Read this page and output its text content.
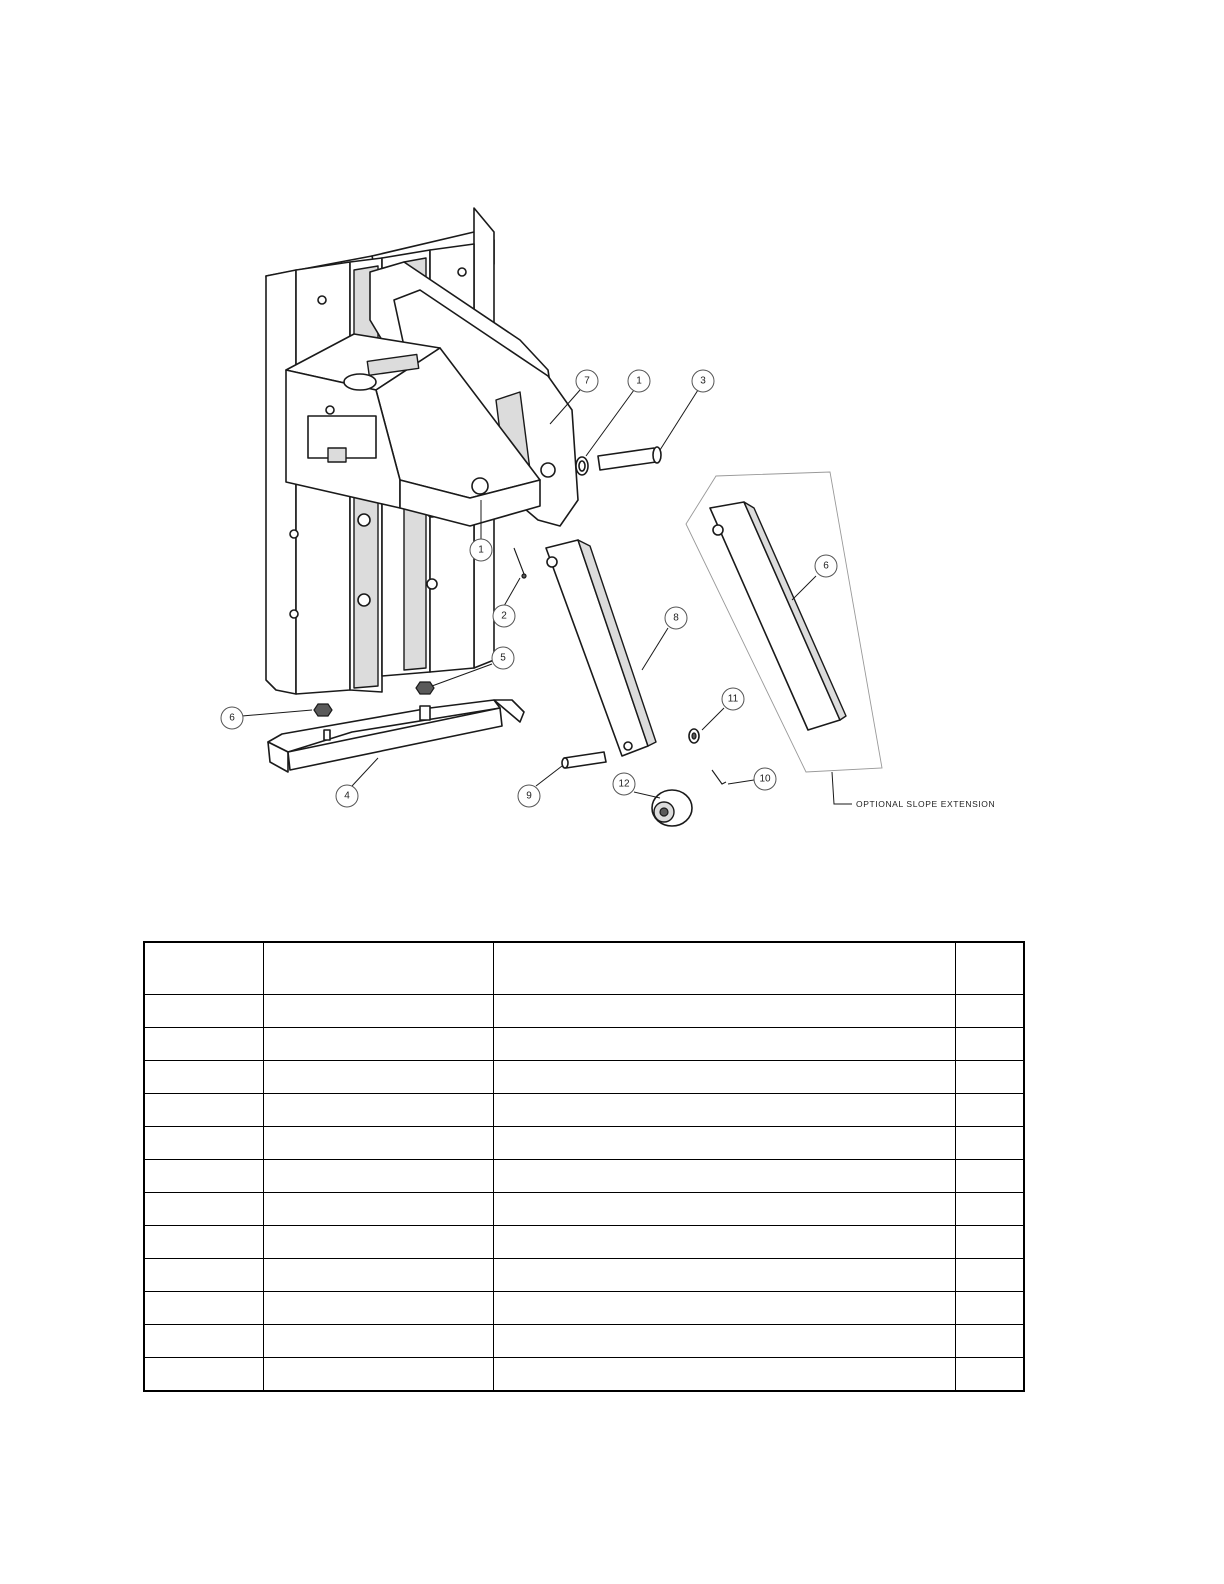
7	1	3
1
2	8
6
5
6
4
11
9
12	10
OPTIONAL SLOPE EXTENSION
